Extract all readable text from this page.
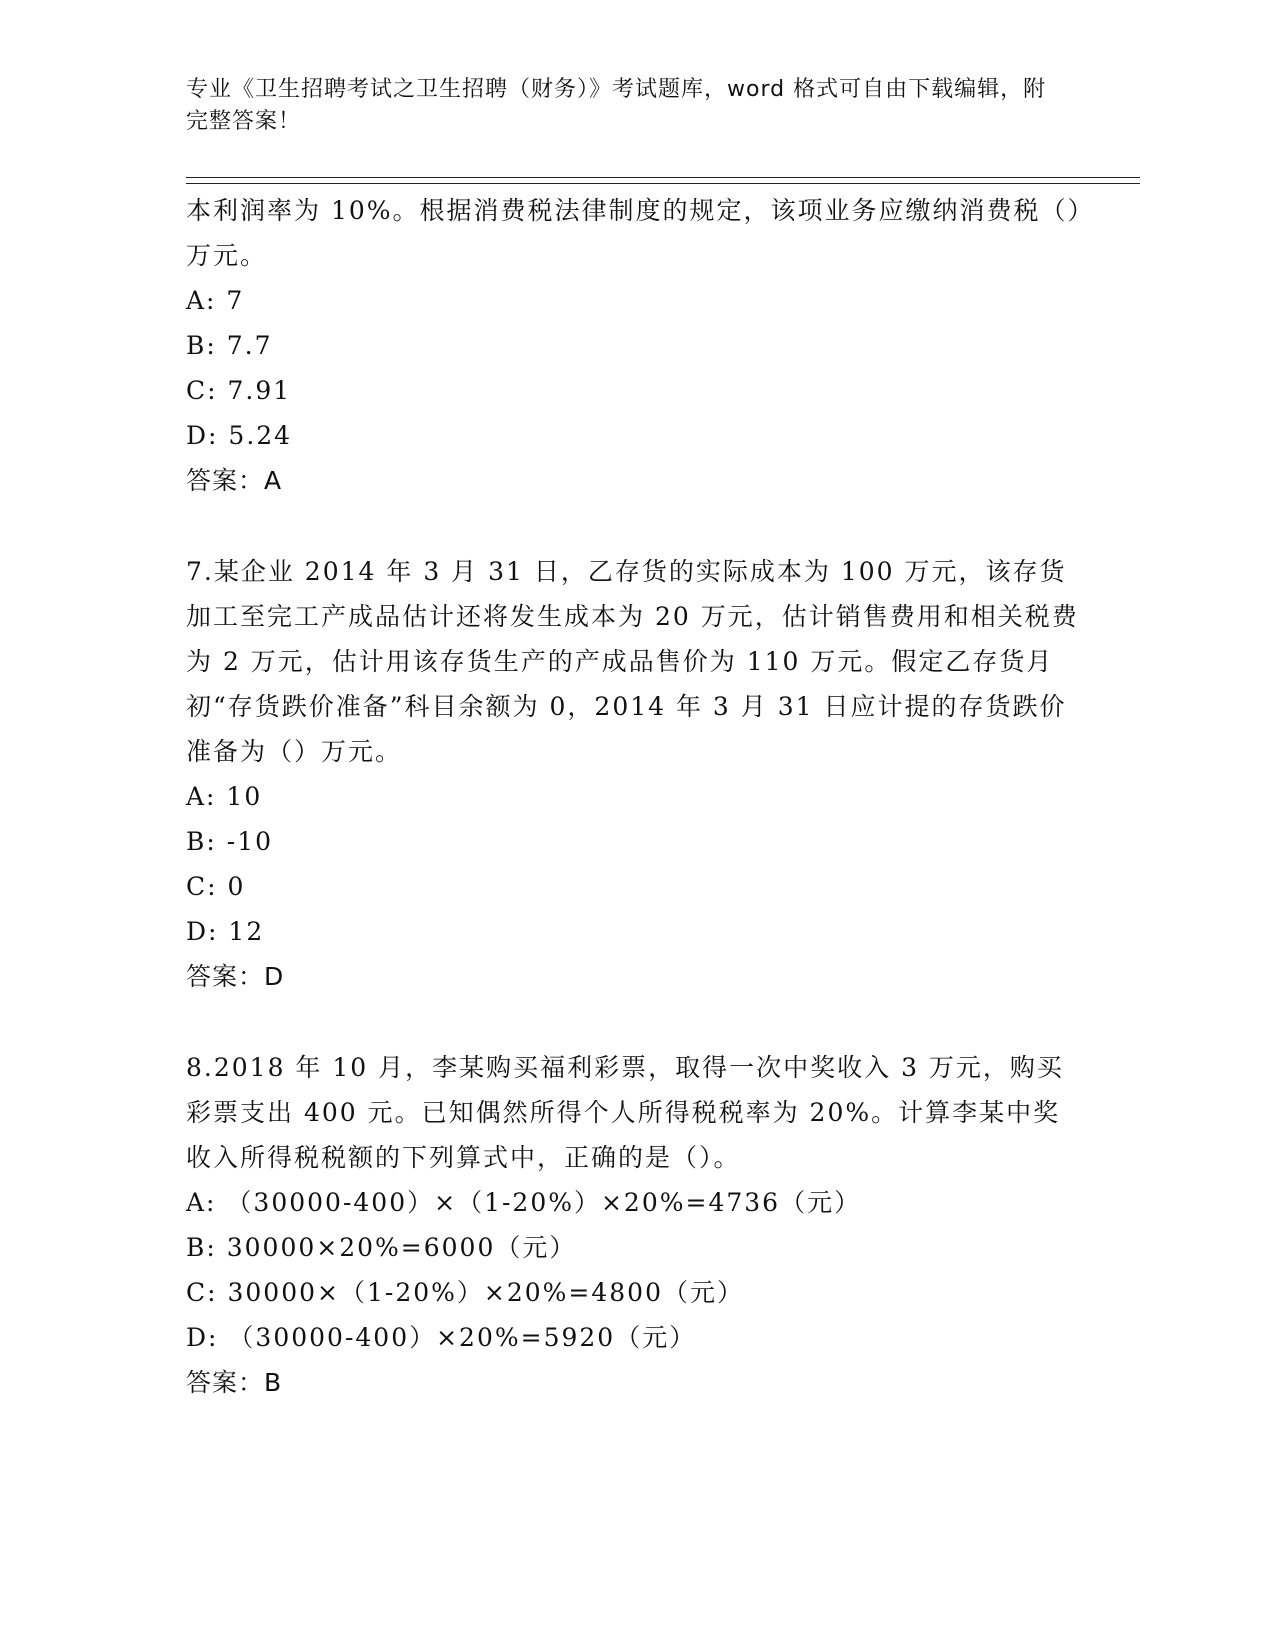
专业《卫生招聘考试之卫生招聘（财务）》考试题库，word 格式可自由下载编辑，附完整答案！

本利润率为 10%。根据消费税法律制度的规定，该项业务应缴纳消费税（）万元。

A: 7

B: 7.7

C: 7.91

D: 5.24

答案：A

7.某企业 2014 年 3 月 31 日，乙存货的实际成本为 100 万元，该存货加工至完工产成品估计还将发生成本为 20 万元，估计销售费用和相关税费为 2 万元，估计用该存货生产的产成品售价为 110 万元。假定乙存货月初“存货跌价准备”科目余额为 0，2014 年 3 月 31 日应计提的存货跌价准备为（）万元。

A: 10

B: -10

C: 0

D: 12

答案：D

8.2018 年 10 月，李某购买福利彩票，取得一次中奖收入 3 万元，购买彩票支出 400 元。已知偶然所得个人所得税税率为 20%。计算李某中奖收入所得税税额的下列算式中，正确的是（）。

A: （30000-400）×（1-20%）×20%=4736（元）

B: 30000×20%=6000（元）

C: 30000×（1-20%）×20%=4800（元）

D: （30000-400）×20%=5920（元）

答案：B
